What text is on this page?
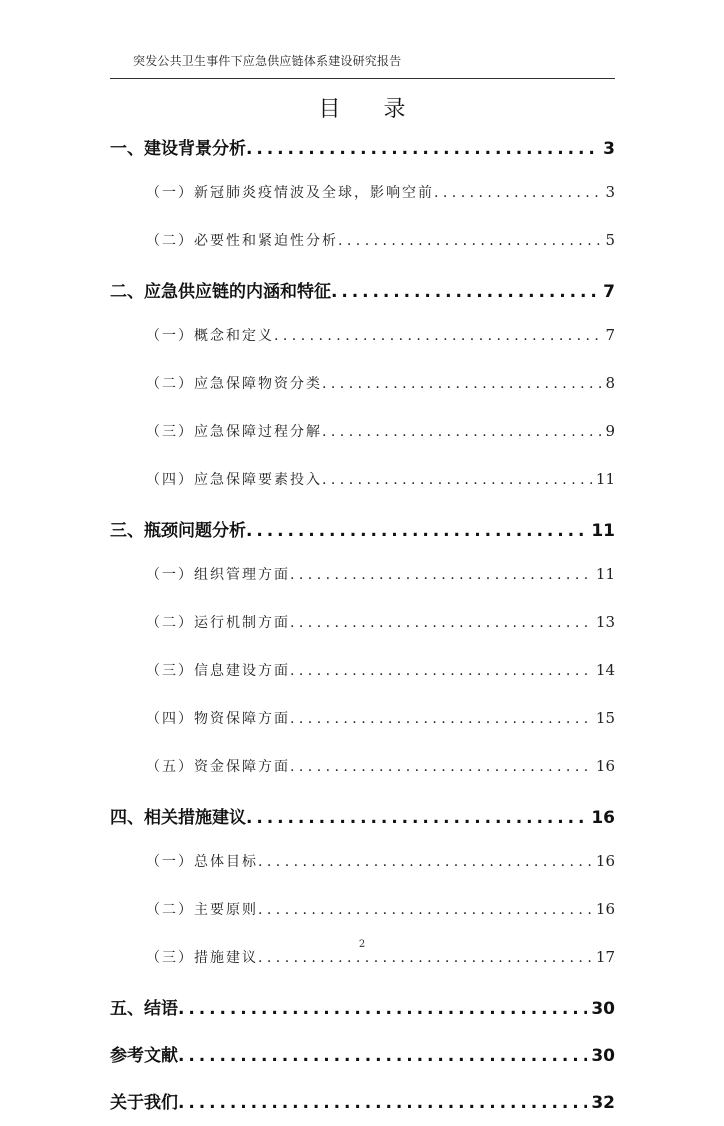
突发公共卫生事件下应急供应链体系建设研究报告
目 录
一、建设背景分析 . . .	3
（一）新冠肺炎疫情波及全球，影响空前 . . .	3
（二）必要性和紧迫性分析 . . .	5
二、应急供应链的内涵和特征 . . .	7
（一）概念和定义 . . .	7
（二）应急保障物资分类 . . .	8
（三）应急保障过程分解 . . .	9
（四）应急保障要素投入 . . .	11
三、瓶颈问题分析 . . .	11
（一）组织管理方面 . . .	11
（二）运行机制方面 . . .	13
（三）信息建设方面 . . .	14
（四）物资保障方面 . . .	15
（五）资金保障方面 . . .	16
四、相关措施建议 . . .	16
（一）总体目标 . . .	16
（二）主要原则 . . .	16
（三）措施建议 . . .	17
五、结语 . . .	30
参考文献 . . .	30
关于我们 . . .	32
2
